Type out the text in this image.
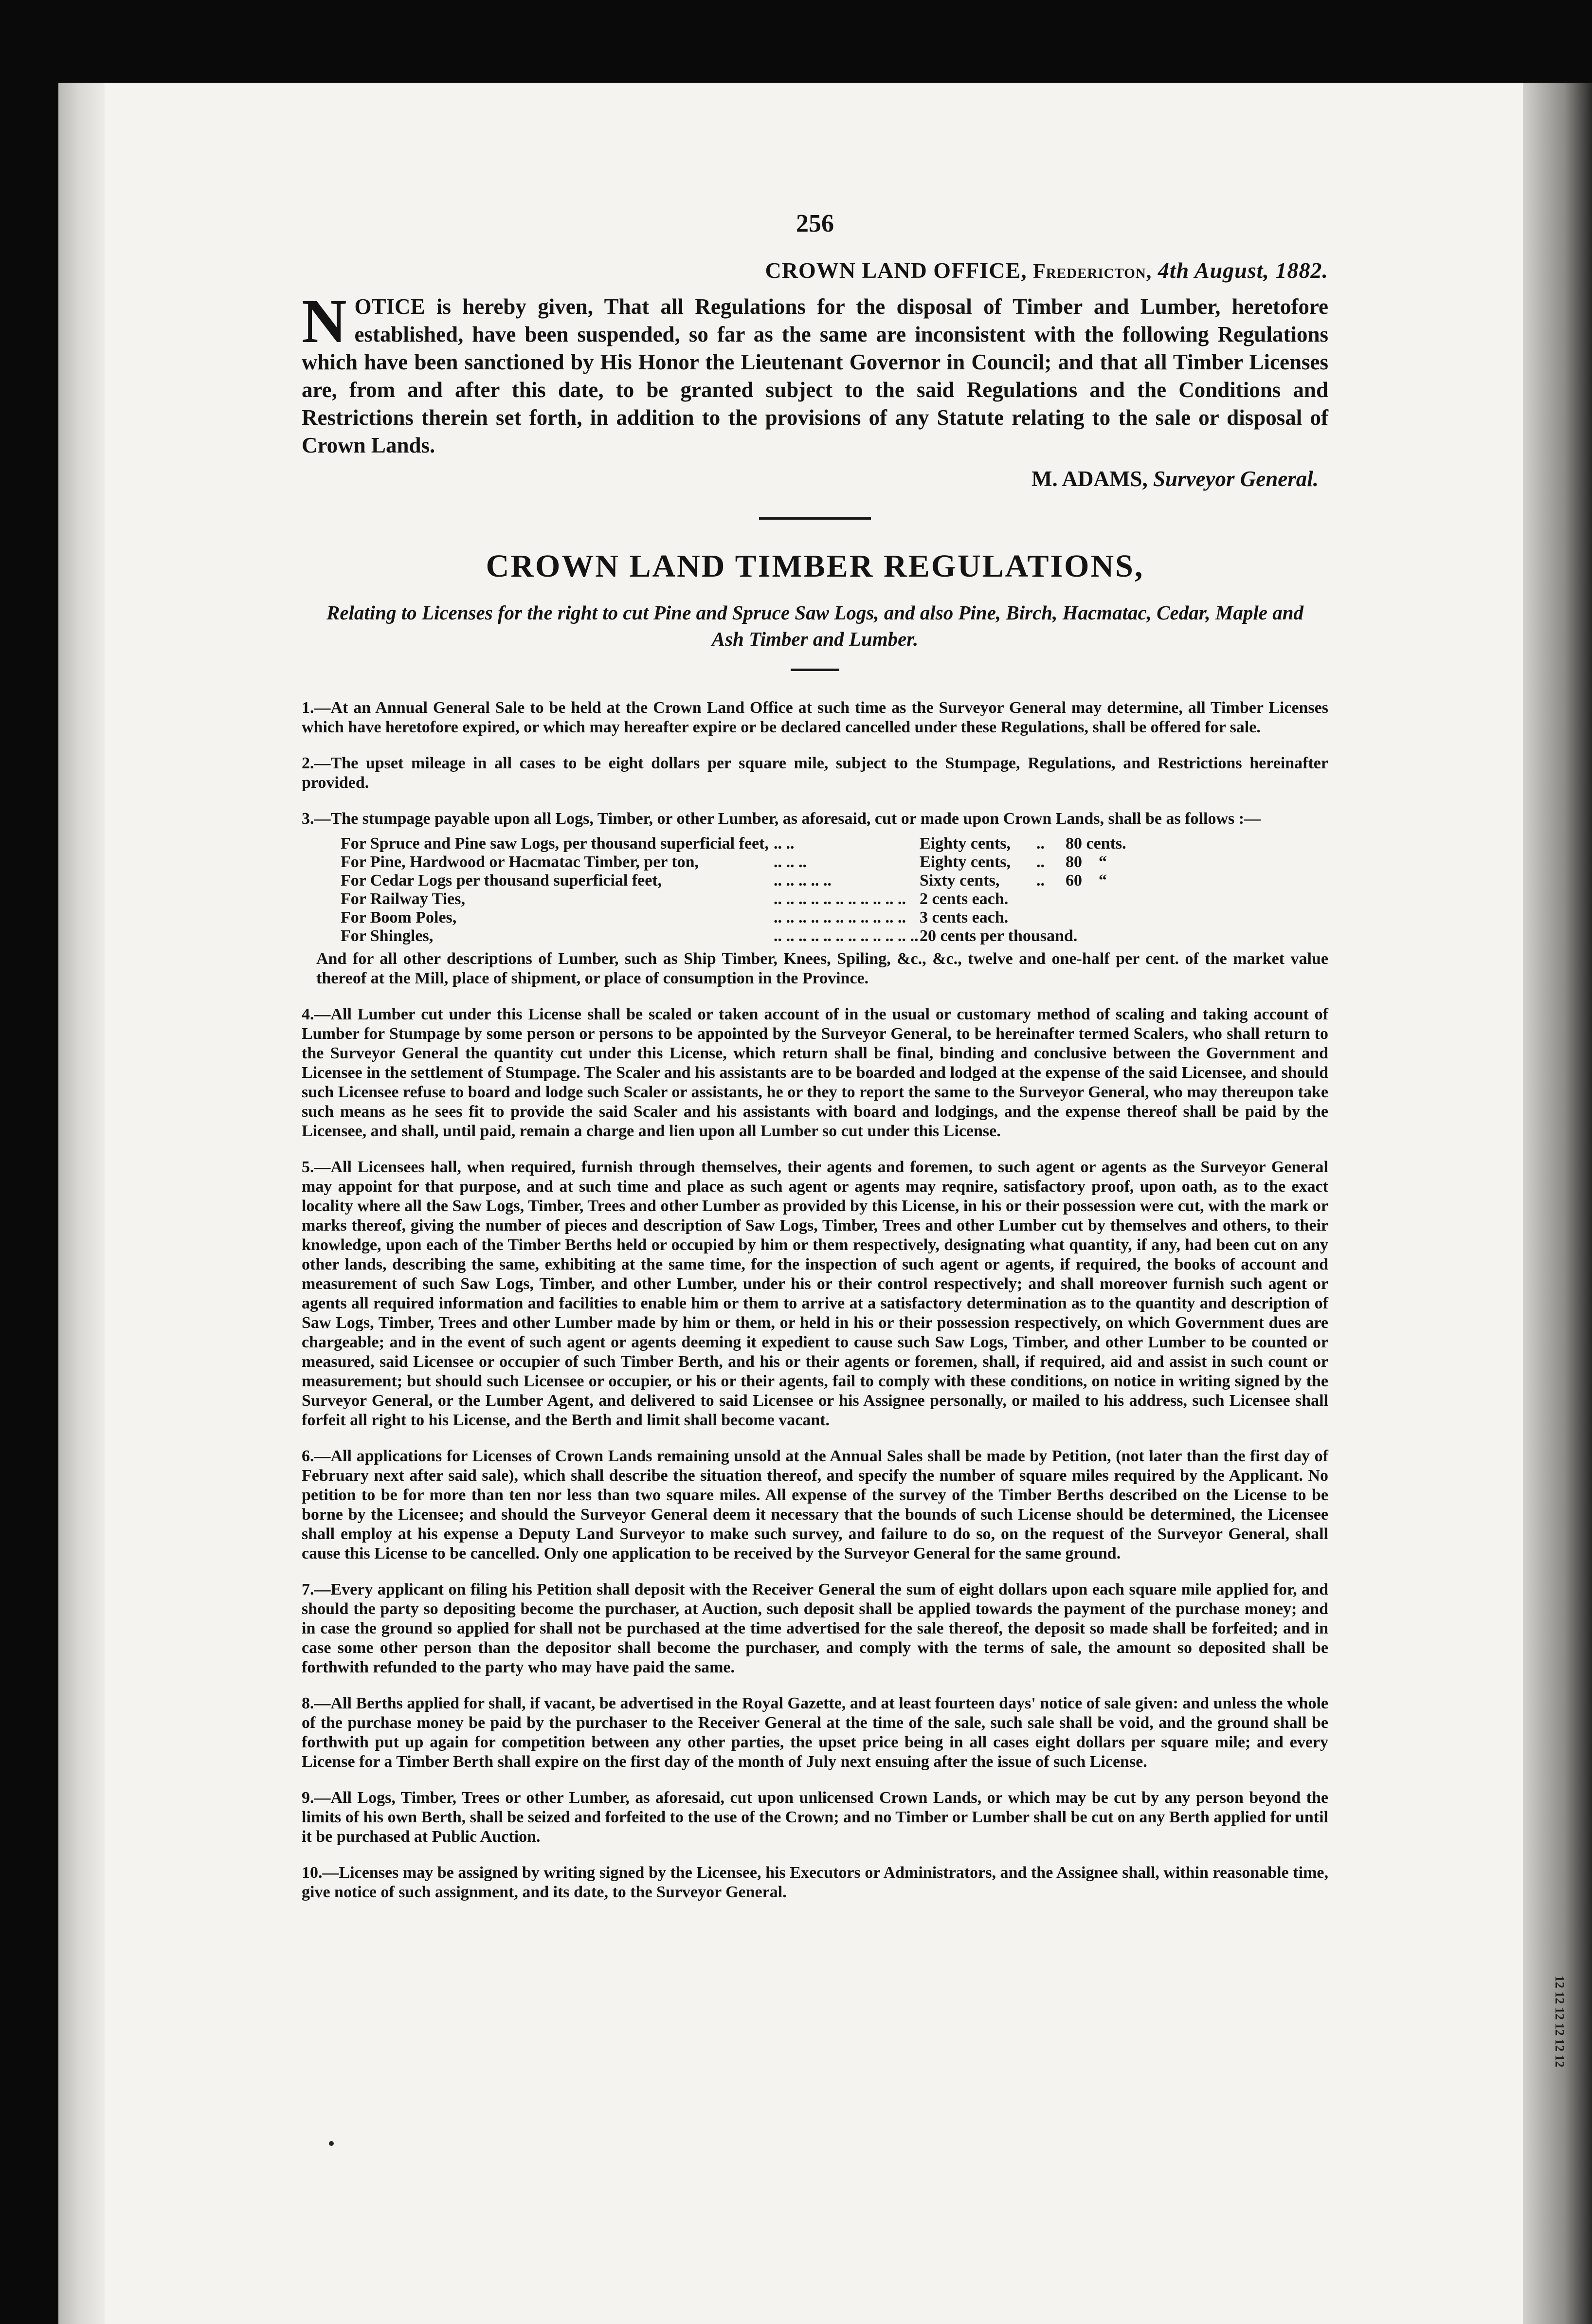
256

CROWN LAND OFFICE, Fredericton, 4th August, 1882.

NOTICE is hereby given, That all Regulations for the disposal of Timber and Lumber, heretofore established, have been suspended, so far as the same are inconsistent with the following Regulations which have been sanctioned by His Honor the Lieutenant Governor in Council; and that all Timber Licenses are, from and after this date, to be granted subject to the said Regulations and the Conditions and Restrictions therein set forth, in addition to the provisions of any Statute relating to the sale or disposal of Crown Lands.

M. ADAMS, Surveyor General.

CROWN LAND TIMBER REGULATIONS,

Relating to Licenses for the right to cut Pine and Spruce Saw Logs, and also Pine, Birch, Hacmatac, Cedar, Maple and Ash Timber and Lumber.

1.—At an Annual General Sale to be held at the Crown Land Office at such time as the Surveyor General may determine, all Timber Licenses which have heretofore expired, or which may hereafter expire or be declared cancelled under these Regulations, shall be offered for sale.

2.—The upset mileage in all cases to be eight dollars per square mile, subject to the Stumpage, Regulations, and Restrictions hereinafter provided.

3.—The stumpage payable upon all Logs, Timber, or other Lumber, as aforesaid, cut or made upon Crown Lands, shall be as follows :—

For Spruce and Pine saw Logs, per thousand superficial feet,	.. ..	Eighty cents,	..	80 cents.
For Pine, Hardwood or Hacmatac Timber, per ton,	.. .. ..	Eighty cents,	..	80    “
For Cedar Logs per thousand superficial feet,	.. .. .. .. ..	Sixty cents,	..	60    “
For Railway Ties,	.. .. .. .. .. .. .. .. .. .. ..	2 cents each.		
For Boom Poles,	.. .. .. .. .. .. .. .. .. .. ..	3 cents each.		
For Shingles,	.. .. .. .. .. .. .. .. .. .. .. ..	20 cents per thousand.		

And for all other descriptions of Lumber, such as Ship Timber, Knees, Spiling, &c., &c., twelve and one-half per cent. of the market value thereof at the Mill, place of shipment, or place of consumption in the Province.

4.—All Lumber cut under this License shall be scaled or taken account of in the usual or customary method of scaling and taking account of Lumber for Stumpage by some person or persons to be appointed by the Surveyor General, to be hereinafter termed Scalers, who shall return to the Surveyor General the quantity cut under this License, which return shall be final, binding and conclusive between the Government and Licensee in the settlement of Stumpage. The Scaler and his assistants are to be boarded and lodged at the expense of the said Licensee, and should such Licensee refuse to board and lodge such Scaler or assistants, he or they to report the same to the Surveyor General, who may thereupon take such means as he sees fit to provide the said Scaler and his assistants with board and lodgings, and the expense thereof shall be paid by the Licensee, and shall, until paid, remain a charge and lien upon all Lumber so cut under this License.

5.—All Licensees hall, when required, furnish through themselves, their agents and foremen, to such agent or agents as the Surveyor General may appoint for that purpose, and at such time and place as such agent or agents may reqnire, satisfactory proof, upon oath, as to the exact locality where all the Saw Logs, Timber, Trees and other Lumber as provided by this License, in his or their possession were cut, with the mark or marks thereof, giving the number of pieces and description of Saw Logs, Timber, Trees and other Lumber cut by themselves and others, to their knowledge, upon each of the Timber Berths held or occupied by him or them respectively, designating what quantity, if any, had been cut on any other lands, describing the same, exhibiting at the same time, for the inspection of such agent or agents, if required, the books of account and measurement of such Saw Logs, Timber, and other Lumber, under his or their control respectively; and shall moreover furnish such agent or agents all required information and facilities to enable him or them to arrive at a satisfactory determination as to the quantity and description of Saw Logs, Timber, Trees and other Lumber made by him or them, or held in his or their possession respectively, on which Government dues are chargeable; and in the event of such agent or agents deeming it expedient to cause such Saw Logs, Timber, and other Lumber to be counted or measured, said Licensee or occupier of such Timber Berth, and his or their agents or foremen, shall, if required, aid and assist in such count or measurement; but should such Licensee or occupier, or his or their agents, fail to comply with these conditions, on notice in writing signed by the Surveyor General, or the Lumber Agent, and delivered to said Licensee or his Assignee personally, or mailed to his address, such Licensee shall forfeit all right to his License, and the Berth and limit shall become vacant.

6.—All applications for Licenses of Crown Lands remaining unsold at the Annual Sales shall be made by Petition, (not later than the first day of February next after said sale), which shall describe the situation thereof, and specify the number of square miles required by the Applicant. No petition to be for more than ten nor less than two square miles. All expense of the survey of the Timber Berths described on the License to be borne by the Licensee; and should the Surveyor General deem it necessary that the bounds of such License should be determined, the Licensee shall employ at his expense a Deputy Land Surveyor to make such survey, and failure to do so, on the request of the Surveyor General, shall cause this License to be cancelled. Only one application to be received by the Surveyor General for the same ground.

7.—Every applicant on filing his Petition shall deposit with the Receiver General the sum of eight dollars upon each square mile applied for, and should the party so depositing become the purchaser, at Auction, such deposit shall be applied towards the payment of the purchase money; and in case the ground so applied for shall not be purchased at the time advertised for the sale thereof, the deposit so made shall be forfeited; and in case some other person than the depositor shall become the purchaser, and comply with the terms of sale, the amount so deposited shall be forthwith refunded to the party who may have paid the same.

8.—All Berths applied for shall, if vacant, be advertised in the Royal Gazette, and at least fourteen days' notice of sale given: and unless the whole of the purchase money be paid by the purchaser to the Receiver General at the time of the sale, such sale shall be void, and the ground shall be forthwith put up again for competition between any other parties, the upset price being in all cases eight dollars per square mile; and every License for a Timber Berth shall expire on the first day of the month of July next ensuing after the issue of such License.

9.—All Logs, Timber, Trees or other Lumber, as aforesaid, cut upon unlicensed Crown Lands, or which may be cut by any person beyond the limits of his own Berth, shall be seized and forfeited to the use of the Crown; and no Timber or Lumber shall be cut on any Berth applied for until it be purchased at Public Auction.

10.—Licenses may be assigned by writing signed by the Licensee, his Executors or Administrators, and the Assignee shall, within reasonable time, give notice of such assignment, and its date, to the Surveyor General.

12 12 12 12 12 12
